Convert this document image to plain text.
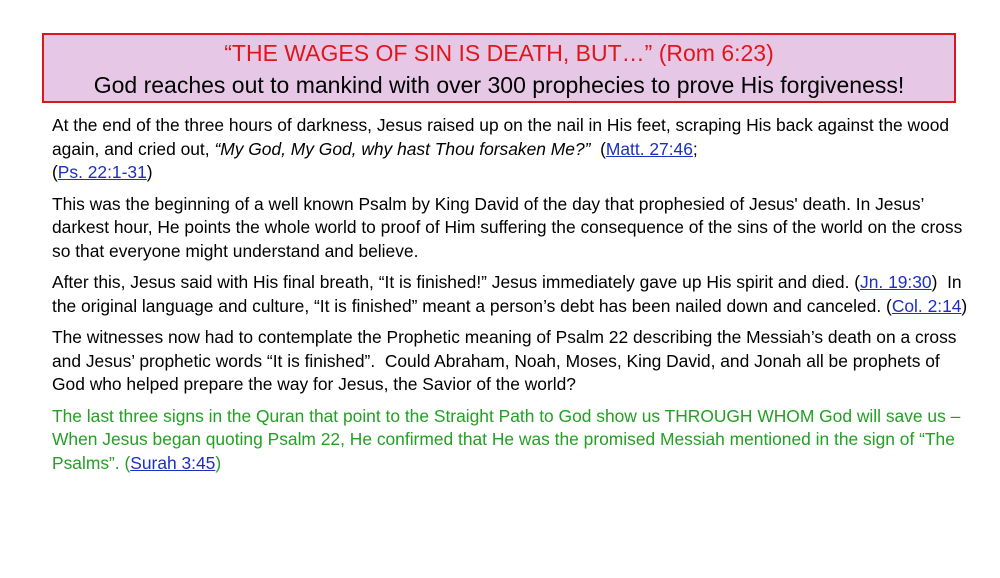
“THE WAGES OF SIN IS DEATH, BUT…” (Rom 6:23)
God reaches out to mankind with over 300 prophecies to prove His forgiveness!

At the end of the three hours of darkness, Jesus raised up on the nail in His feet, scraping His back against the wood again, and cried out, “My God, My God, why hast Thou forsaken Me?”  (Matt. 27:46;
(Ps. 22:1-31)

This was the beginning of a well known Psalm by King David of the day that prophesied of Jesus' death. In Jesus’ darkest hour, He points the whole world to proof of Him suffering the consequence of the sins of the world on the cross so that everyone might understand and believe.

After this, Jesus said with His final breath, “It is finished!” Jesus immediately gave up His spirit and died. (Jn. 19:30)  In the original language and culture, “It is finished” meant a person’s debt has been nailed down and canceled. (Col. 2:14)

The witnesses now had to contemplate the Prophetic meaning of Psalm 22 describing the Messiah’s death on a cross and Jesus’ prophetic words “It is finished”.  Could Abraham, Noah, Moses, King David, and Jonah all be prophets of God who helped prepare the way for Jesus, the Savior of the world?

The last three signs in the Quran that point to the Straight Path to God show us THROUGH WHOM God will save us – When Jesus began quoting Psalm 22, He confirmed that He was the promised Messiah mentioned in the sign of “The Psalms”. (Surah 3:45)
